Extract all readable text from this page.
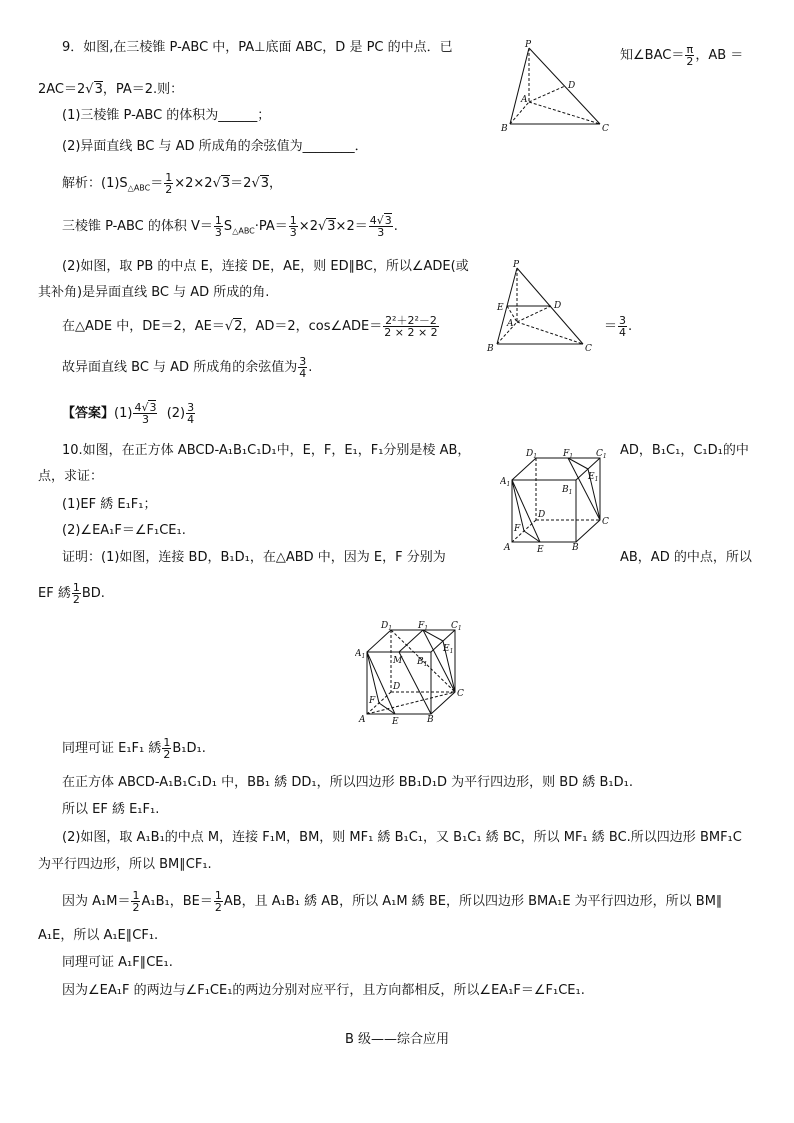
9．如图,在三棱锥 P-ABC 中，PA⊥底面 ABC，D 是 PC 的中点．已
知∠BAC＝ $\frac{\pi}{2}$ ，AB ＝
2AC＝2√3，PA＝2.则：
(1)三棱锥 P-ABC 的体积为______；
(2)异面直线 BC 与 AD 所成角的余弦值为________．
解析：$(1)S_{\triangle ABC}= \frac{1}{2} \times 2\times 2√3=2√3$，
三棱锥 P-ABC 的体积 $V= \frac{1}{3} S_{\triangle ABC}\cdot PA= \frac{1}{3} \times 2√3\times 2= \frac{4√3}{3}$ .
(2)如图，取 PB 的中点 E，连接 DE，AE，则 ED∥BC，所以∠ADE(或
其补角)是异面直线 BC 与 AD 所成的角.
在△ADE 中，DE＝2，AE＝√2，AD＝2，cos∠ADE＝ $\frac{\text{2²＋2²－2}}{2 \times 2 \times 2}$	＝ $\frac{3}{4}$ .
故异面直线 BC 与 AD 所成角的余弦值为 $\frac{3}{4}$ .
【答案】$(1) \frac{4√3}{3} (2) \frac{3}{4}$
P
A
B	C
D
P
E
A
B	C
D
10.如图，在正方体 ABCD-A₁B₁C₁D₁中，E，F，E₁，F₁分别是棱 AB，	AD，B₁C₁，C₁D₁的中
点，求证：
(1)EF 綉 E₁F₁；
(2)∠EA₁F＝∠F₁CE₁.
证明：(1)如图，连接 BD，B₁D₁，在△ABD 中，因为 E，F 分别为	AB，AD 的中点，所以
EF 綉 $\frac{1}{2}$ BD.
$A_1$
$D_1$	$F_1$	$C_1$
$E_1$
$B_1$
D
F
C
A	E	B
$A_1$
$D_1$	$F_1$	$C_1$
$E_1$
$B_1$
M
D
F
C
A	E	B
同理可证 E₁F₁ 綉 $\frac{1}{2} B_1D_1$.
在正方体 ABCD-A₁B₁C₁D₁ 中，BB₁ 綉 DD₁，所以四边形 BB₁D₁D 为平行四边形，则 BD 綉 B₁D₁.
所以 EF 綉 E₁F₁.
(2)如图，取 A₁B₁的中点 M，连接 F₁M，BM，则 MF₁ 綉 B₁C₁，又 B₁C₁ 綉 BC，所以 MF₁ 綉 BC.所以四边形 BMF₁C
为平行四边形，所以 BM∥CF₁.
因为 $A_1M= \frac{1}{2} A_1B_1$，$BE= \frac{1}{2}$ AB，且 A₁B₁ 綉 AB，所以 A₁M 綉 BE，所以四边形 BMA₁E 为平行四边形，所以 BM∥
A₁E，所以 A₁E∥CF₁.
同理可证 A₁F∥CE₁.
因为∠EA₁F 的两边与∠F₁CE₁的两边分别对应平行，且方向都相反，所以∠EA₁F＝∠F₁CE₁.
B 级——综合应用
